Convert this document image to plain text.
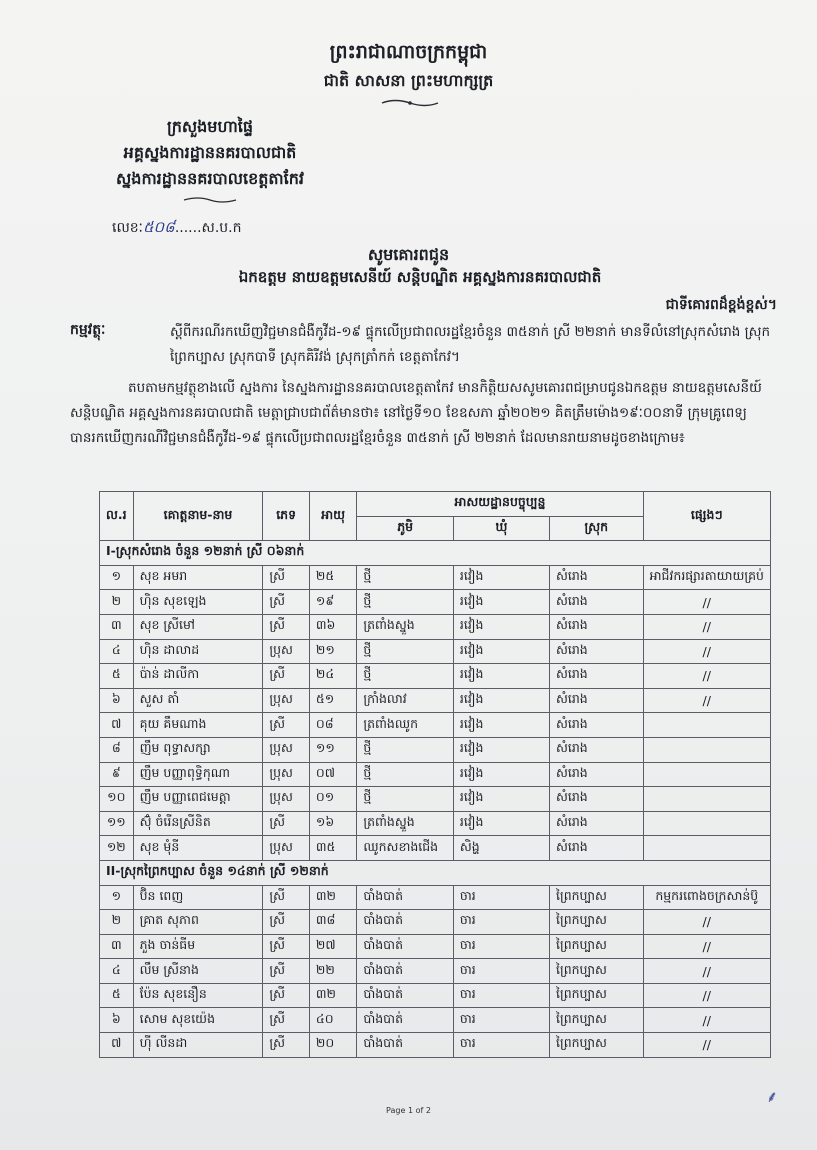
ព្រះរាជាណាចក្រកម្ពុជា
ជាតិ សាសនា ព្រះមហាក្សត្រ
ក្រសួងមហាផ្ទៃ
អគ្គស្នងការដ្ឋាននគរបាលជាតិ
ស្នងការដ្ឋាននគរបាលខេត្តតាកែវ
លេខៈ៥០៨......ស.ប.ក
សូមគោរពជូន
ឯកឧត្តម នាយឧត្តមសេនីយ៍ សន្តិបណ្ឌិត អគ្គស្នងការនគរបាលជាតិ
ជាទីគោរពដ៏ខ្ពង់ខ្ពស់។
កម្មវត្ថុៈ	ស្តីពីករណីរកឃើញវិជ្ជមានជំងឺកូវីដ-១៩ ផ្ទុកលើប្រជាពលរដ្ឋខ្មែរចំនួន ៣៥នាក់ ស្រី ២២នាក់ មានទីលំនៅស្រុកសំរោង ស្រុកព្រៃកប្បាស ស្រុកបាទី ស្រុកគិរីវង់ ស្រុកត្រាំកក់ ខេត្តតាកែវ។
តបតាមកម្មវត្ថុខាងលើ ស្នងការ នៃស្នងការដ្ឋាននគរបាលខេត្តតាកែវ មានកិត្តិយសសូមគោរពជម្រាបជូនឯកឧត្តម នាយឧត្តមសេនីយ៍ សន្តិបណ្ឌិត អគ្គស្នងការនគរបាលជាតិ មេត្តាជ្រាបជាព័ត៌មានថា៖ នៅថ្ងៃទី១០ ខែឧសភា ឆ្នាំ២០២១ គិតត្រឹមម៉ោង១៩ៈ០០នាទី ក្រុមគ្រូពេទ្យ បានរកឃើញករណីវិជ្ជមានជំងឺកូវីដ-១៩ ផ្ទុកលើប្រជាពលរដ្ឋខ្មែរចំនួន ៣៥នាក់ ស្រី ២២នាក់ ដែលមានរាយនាមដូចខាងក្រោម៖
ល.រ	គោត្តនាម-នាម	ភេទ	អាយុ	អាសយដ្ឋានបច្ចុប្បន្ន			ផ្សេងៗ
				ភូមិ	ឃុំ	ស្រុក	
I-ស្រុកសំរោង ចំនួន ១២នាក់ ស្រី ០៦នាក់							
១	សុខ អមរា	ស្រី	២៥	ថ្មី	រវៀង	សំរោង	អាជីវករផ្សារតាយាយគ្រប់
២	ហ៊ិន សុខឡេង	ស្រី	១៩	ថ្មី	រវៀង	សំរោង	//
៣	សុខ ស្រីមៅ	ស្រី	៣៦	ត្រពាំងស្នួង	រវៀង	សំរោង	//
៤	ហ៊ិន ដាលាដ	ប្រុស	២១	ថ្មី	រវៀង	សំរោង	//
៥	ប៉ាន់ ដាលីកា	ស្រី	២៤	ថ្មី	រវៀង	សំរោង	//
៦	សួស តាំ	ប្រុស	៥១	ក្រាំងលាវ	រវៀង	សំរោង	//
៧	គុយ គឹមណាង	ស្រី	០៨	ត្រពាំងឈូក	រវៀង	សំរោង	
៨	ញឹម ពុទ្ធាសក្សា	ប្រុស	១១	ថ្មី	រវៀង	សំរោង	
៩	ញឹម បញ្ញាពុទ្ធិកុណា	ប្រុស	០៧	ថ្មី	រវៀង	សំរោង	
១០	ញឹម បញ្ញាពេជមេត្តា	ប្រុស	០១	ថ្មី	រវៀង	សំរោង	
១១	ស៊ុំ ចំរើនស្រីនិត	ស្រី	១៦	ត្រពាំងស្នួង	រវៀង	សំរោង	
១២	សុខ មុំនី	ប្រុស	៣៥	ឈូកសខាងជើង	សិង្ហ	សំរោង	
II-ស្រុកព្រៃកប្បាស ចំនួន ១៤នាក់ ស្រី ១២នាក់							
១	ប៊ិន ពេញ	ស្រី	៣២	បាំងបាត់	ចារ	ព្រៃកប្បាស	កម្មករពោងចក្រសាន់ប៊ូ
២	គ្រាត សុភាព	ស្រី	៣៨	បាំងបាត់	ចារ	ព្រៃកប្បាស	//
៣	ភួង ចាន់ធីម	ស្រី	២៧	បាំងបាត់	ចារ	ព្រៃកប្បាស	//
៤	លឹម ស្រីនាង	ស្រី	២២	បាំងបាត់	ចារ	ព្រៃកប្បាស	//
៥	ប៉ែន សុខនឿន	ស្រី	៣២	បាំងបាត់	ចារ	ព្រៃកប្បាស	//
៦	សោម សុខយ៉េង	ស្រី	៤០	បាំងបាត់	ចារ	ព្រៃកប្បាស	//
៧	ហ៊ី លីនដា	ស្រី	២០	បាំងបាត់	ចារ	ព្រៃកប្បាស	//
⸙
Page 1 of 2
